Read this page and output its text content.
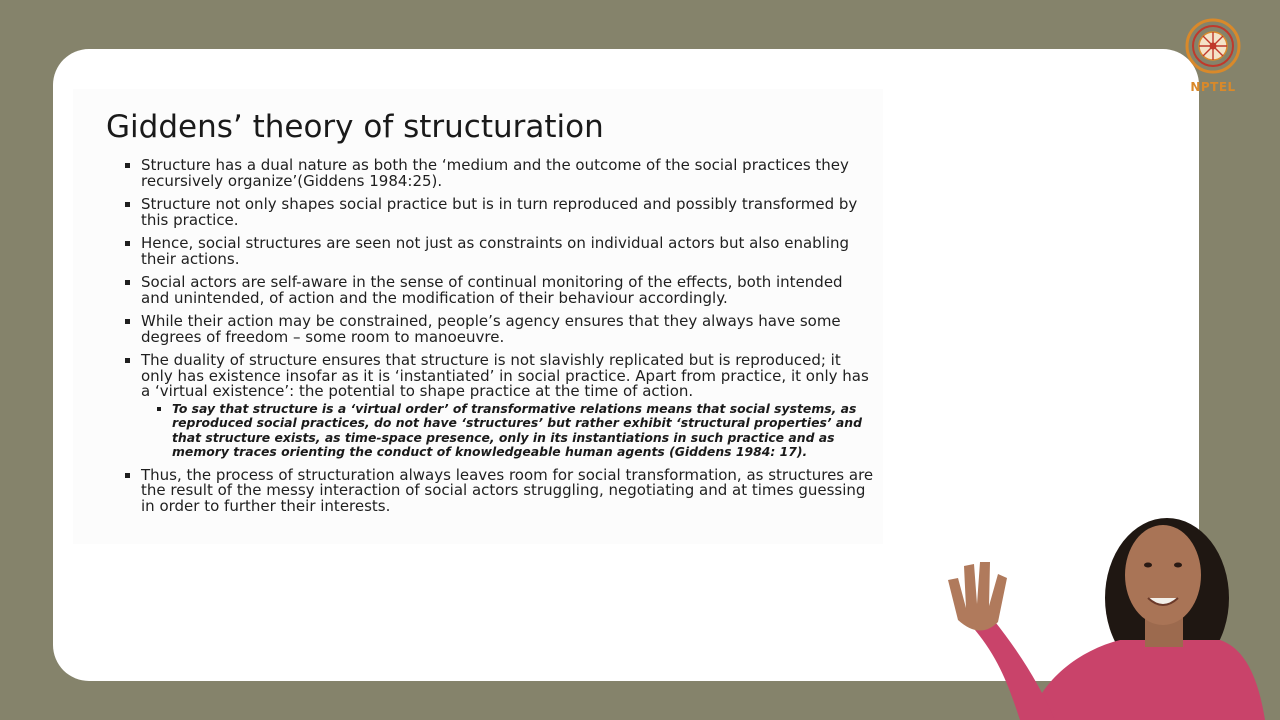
Giddens’ theory of structuration
Structure has a dual nature as both the ‘medium and the outcome of the social practices they recursively organize’(Giddens 1984:25).
Structure not only shapes social practice but is in turn reproduced and possibly transformed by this practice.
Hence, social structures are seen not just as constraints on individual actors but also enabling their actions.
Social actors are self-aware in the sense of continual monitoring of the effects, both intended and unintended, of action and the modification of their behaviour accordingly.
While their action may be constrained, people’s agency ensures that they always have some degrees of freedom – some room to manoeuvre.
The duality of structure ensures that structure is not slavishly replicated but is reproduced; it only has existence insofar as it is ‘instantiated’ in social practice. Apart from practice, it only has a ‘virtual existence’: the potential to shape practice at the time of action.
To say that structure is a ‘virtual order’ of transformative relations means that social systems, as reproduced social practices, do not have ‘structures’ but rather exhibit ‘structural properties’ and that structure exists, as time-space presence, only in its instantiations in such practice and as memory traces orienting the conduct of knowledgeable human agents (Giddens 1984: 17).
Thus, the process of structuration always leaves room for social transformation, as structures are the result of the messy interaction of social actors struggling, negotiating and at times guessing in order to further their interests.
NPTEL
